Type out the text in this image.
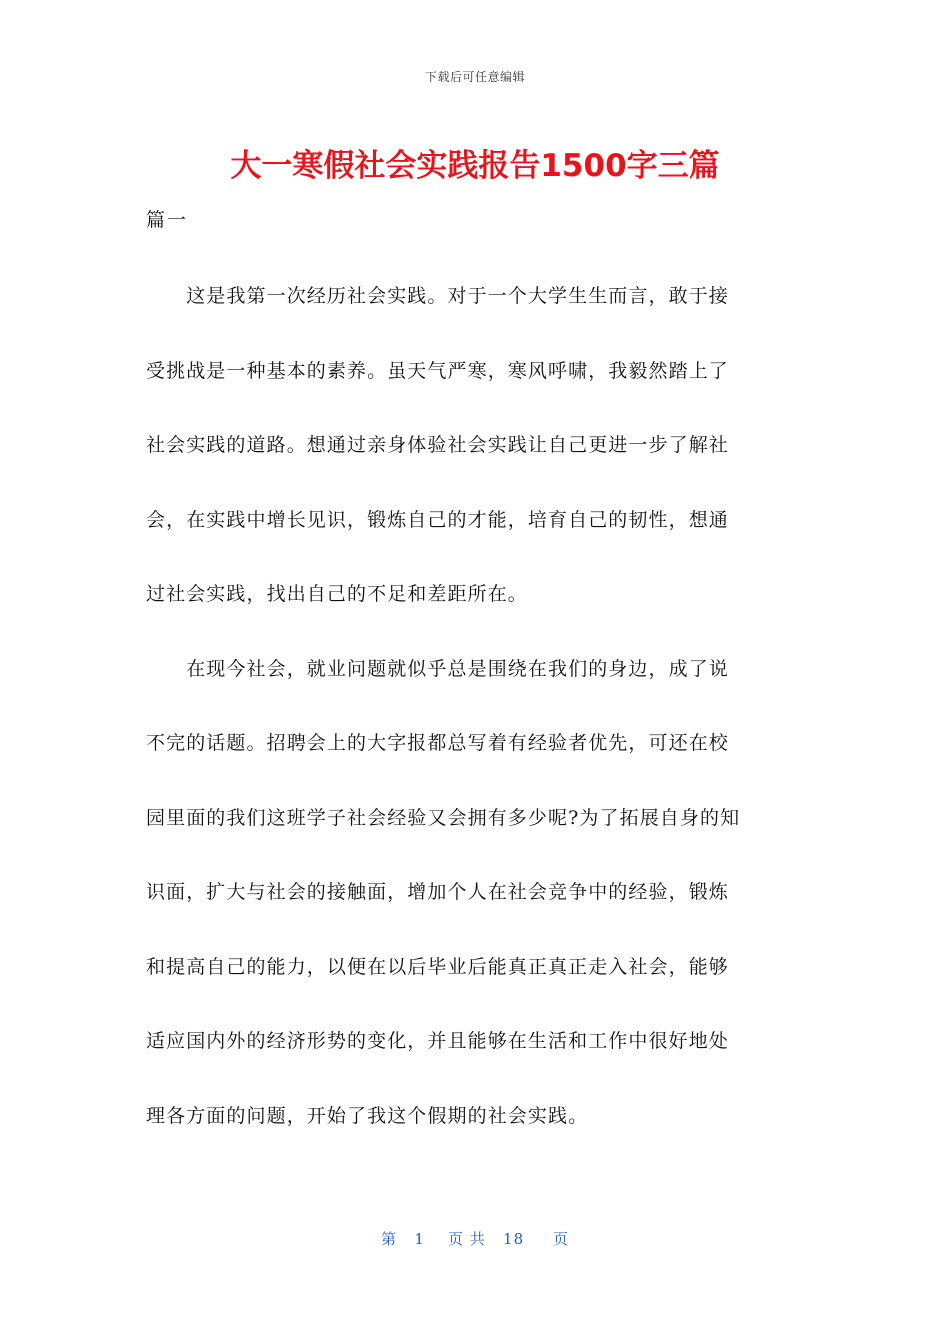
下载后可任意编辑
大一寒假社会实践报告1500字三篇
篇一
　　这是我第一次经历社会实践。对于一个大学生生而言，敢于接
受挑战是一种基本的素养。虽天气严寒，寒风呼啸，我毅然踏上了
社会实践的道路。想通过亲身体验社会实践让自己更进一步了解社
会，在实践中增长见识，锻炼自己的才能，培育自己的韧性，想通
过社会实践，找出自己的不足和差距所在。
　　在现今社会，就业问题就似乎总是围绕在我们的身边，成了说
不完的话题。招聘会上的大字报都总写着有经验者优先，可还在校
园里面的我们这班学子社会经验又会拥有多少呢?为了拓展自身的知
识面，扩大与社会的接触面，增加个人在社会竞争中的经验，锻炼
和提高自己的能力，以便在以后毕业后能真正真正走入社会，能够
适应国内外的经济形势的变化，并且能够在生活和工作中很好地处
理各方面的问题，开始了我这个假期的社会实践。
第 1 页 共 18 页
